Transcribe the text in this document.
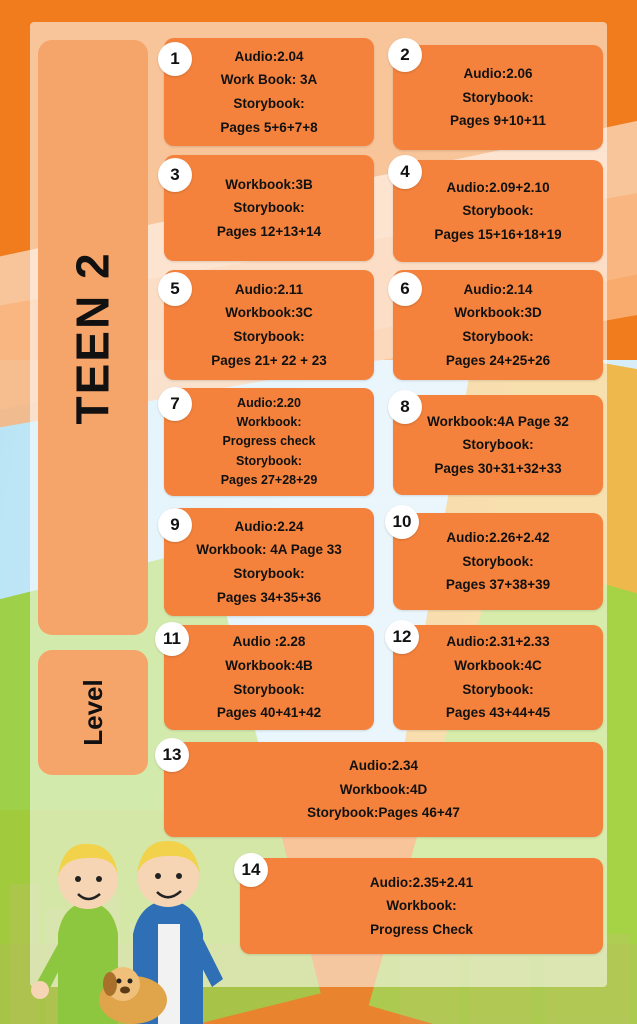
TEEN 2
Level
1	Audio:2.04
Work Book: 3A
Storybook:
Pages 5+6+7+8
2
Audio:2.06
Storybook:
Pages 9+10+11
3
Workbook:3B
Storybook:
Pages 12+13+14
4
Audio:2.09+2.10
Storybook:
Pages 15+16+18+19
5	Audio:2.11
Workbook:3C
Storybook:
Pages 21+ 22 + 23
6	Audio:2.14
Workbook:3D
Storybook:
Pages 24+25+26
7	Audio:2.20
Workbook:
Progress check
Storybook:
Pages 27+28+29
8
Workbook:4A Page 32
Storybook:
Pages 30+31+32+33
9	Audio:2.24
Workbook: 4A Page 33
Storybook:
Pages 34+35+36
10
Audio:2.26+2.42
Storybook:
Pages 37+38+39
11	Audio :2.28
Workbook:4B
Storybook:
Pages 40+41+42
12	Audio:2.31+2.33
Workbook:4C
Storybook:
Pages 43+44+45
13
Audio:2.34
Workbook:4D
Storybook:Pages 46+47
14
Audio:2.35+2.41
Workbook:
Progress Check
